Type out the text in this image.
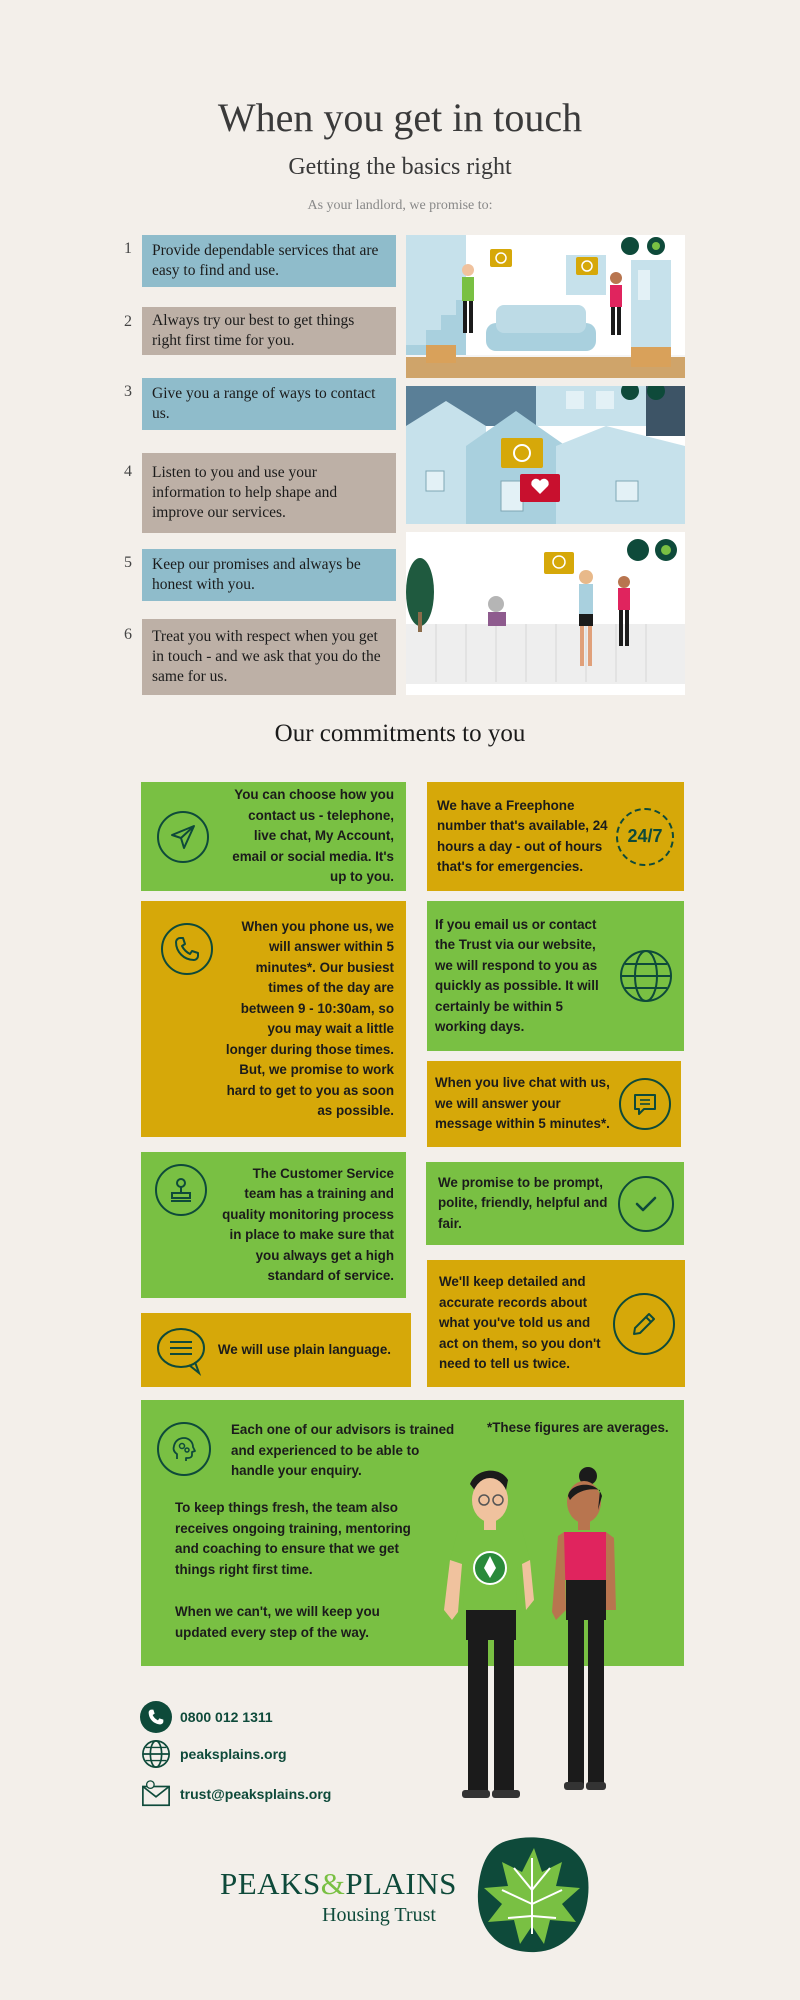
When you get in touch
Getting the basics right
As your landlord, we promise to:
1	Provide dependable services that are easy to find and use.
2	Always try our best to get things right first time for you.
3	Give you a range of ways to contact us.
4	Listen to you and use your information to help shape and improve our services.
5	Keep our promises and always be honest with you.
6	Treat you with respect when you get in touch - and we ask that you do the same for us.
Our commitments to you
You can choose how you contact us - telephone, live chat, My Account, email or social media. It's up to you.
We have a Freephone number that's available, 24 hours a day - out of hours that's for emergencies.
24/7
When you phone us, we will answer within 5 minutes*. Our busiest times of the day are between 9 - 10:30am, so you may wait a little longer during those times. But, we promise to work hard to get to you as soon as possible.
If you email us or contact the Trust via our website, we will respond to you as quickly as possible. It will certainly be within 5 working days.
When you live chat with us, we will answer your message within 5 minutes*.
The Customer Service team has a training and quality monitoring process in place to make sure that you always get a high standard of service.
We promise to be prompt, polite, friendly, helpful and fair.
We will use plain language.
We'll keep detailed and accurate records about what you've told us and act on them, so you don't need to tell us twice.
Each one of our advisors is trained and experienced to be able to handle your enquiry.
*These figures are averages.
To keep things fresh, the team also receives ongoing training, mentoring and coaching to ensure that we get things right first time.
When we can't, we will keep you updated every step of the way.
0800 012 1311
peaksplains.org
trust@peaksplains.org
PEAKS&PLAINS
Housing Trust
